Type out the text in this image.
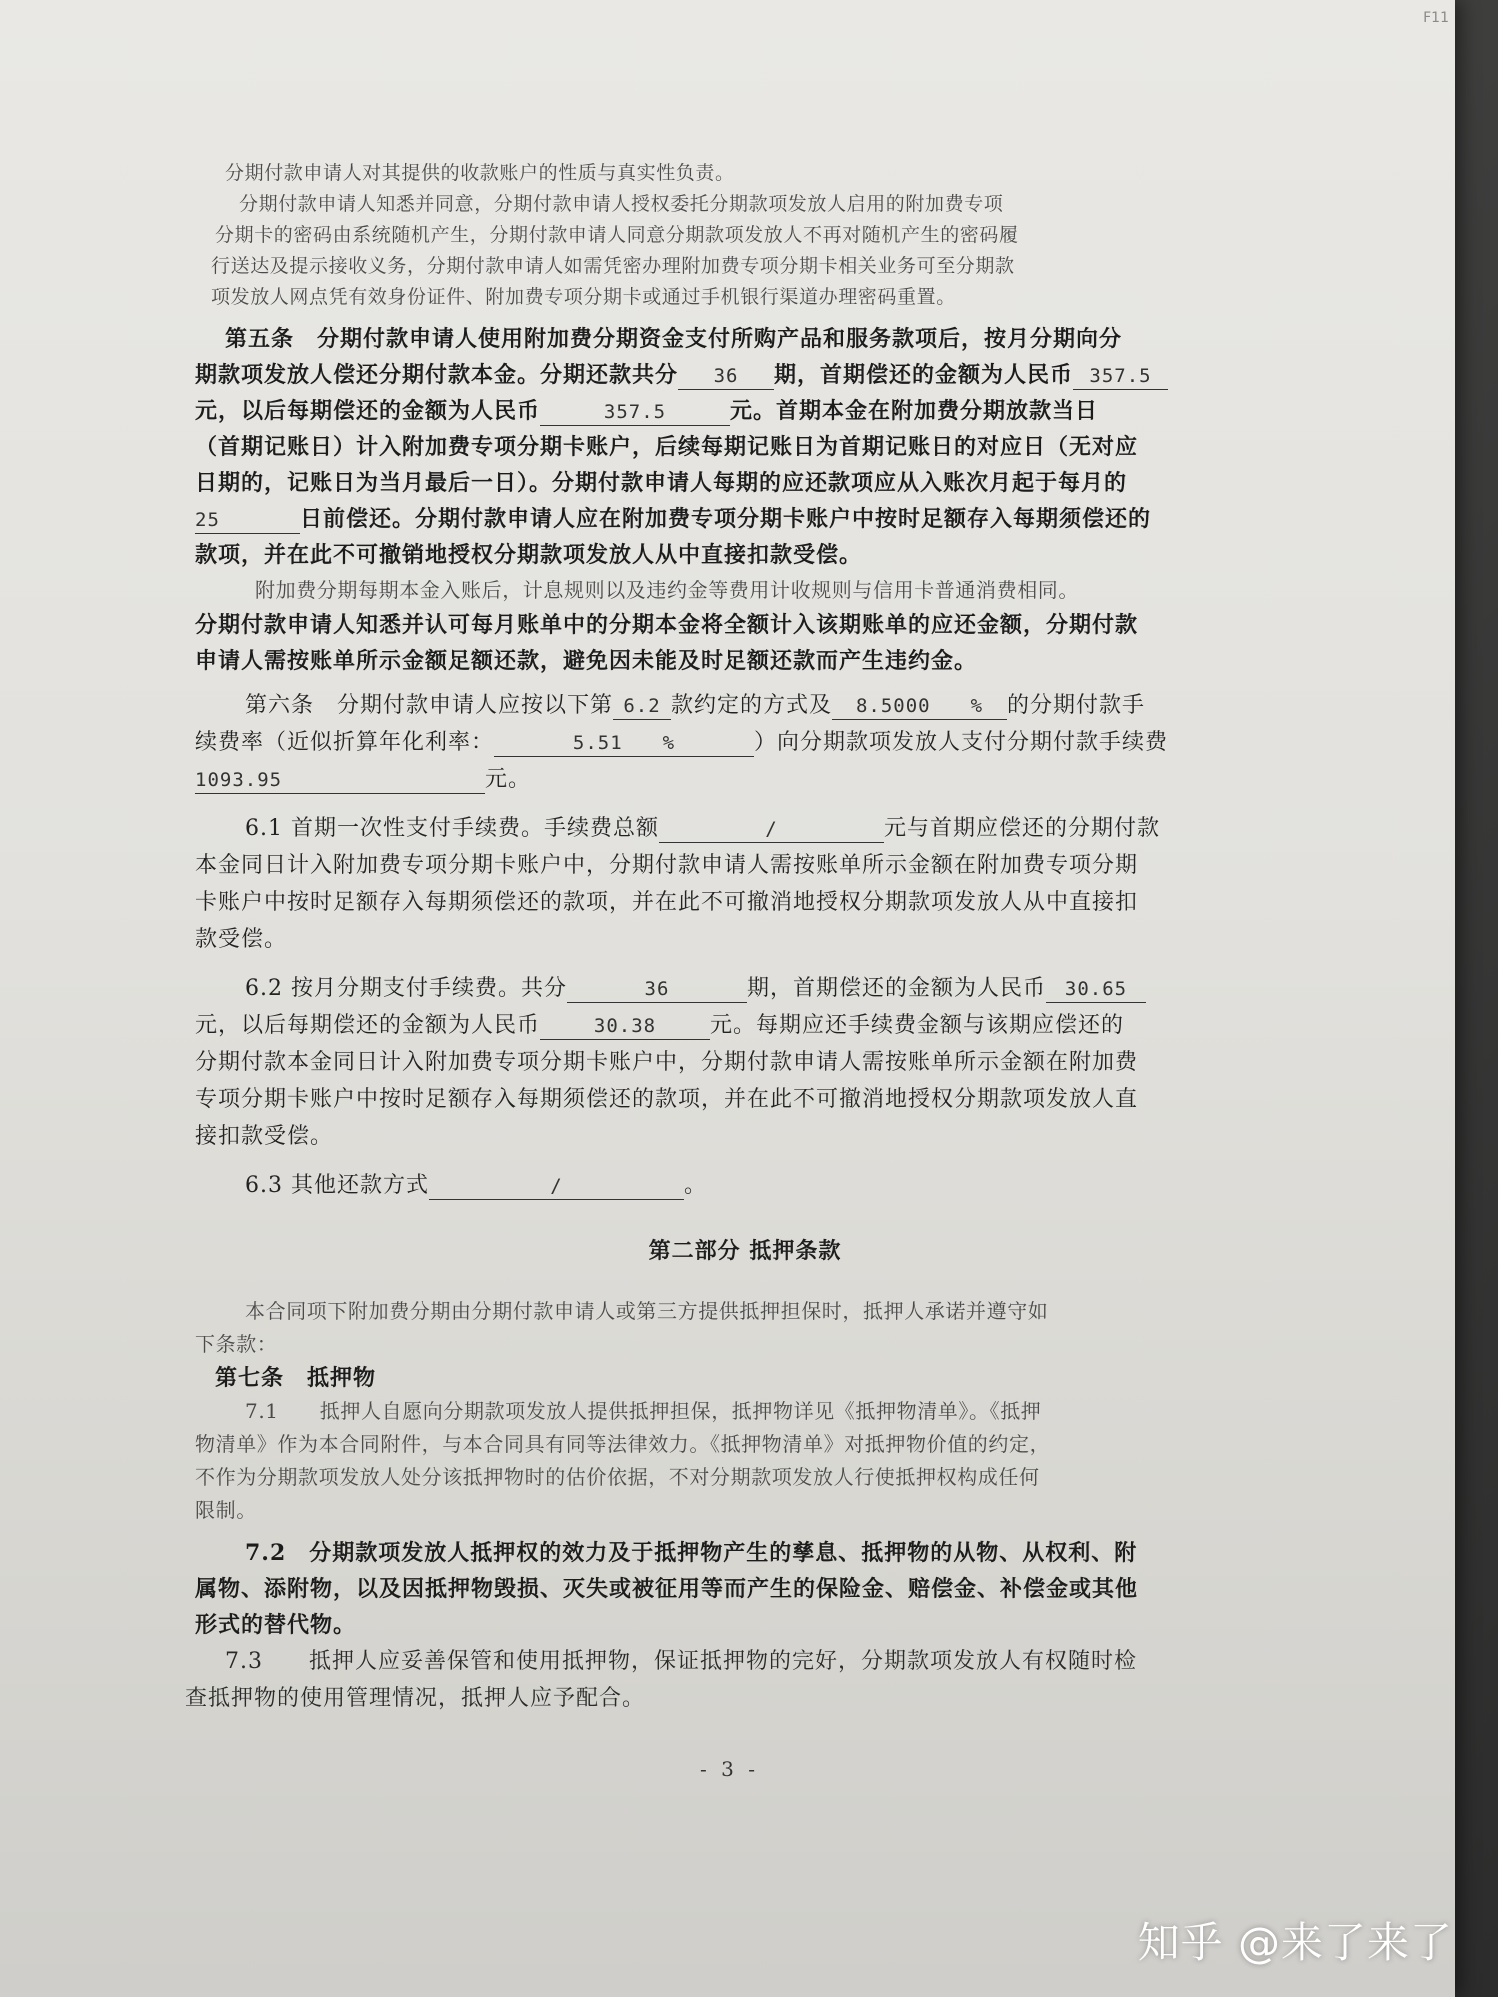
F11

分期付款申请人对其提供的收款账户的性质与真实性负责。

分期付款申请人知悉并同意，分期付款申请人授权委托分期款项发放人启用的附加费专项

分期卡的密码由系统随机产生，分期付款申请人同意分期款项发放人不再对随机产生的密码履

行送达及提示接收义务，分期付款申请人如需凭密办理附加费专项分期卡相关业务可至分期款

项发放人网点凭有效身份证件、附加费专项分期卡或通过手机银行渠道办理密码重置。

第五条　分期付款申请人使用附加费分期资金支付所购产品和服务款项后，按月分期向分

期款项发放人偿还分期付款本金。分期还款共分 36 期，首期偿还的金额为人民币 357.5

元，以后每期偿还的金额为人民币	357.5	元。首期本金在附加费分期放款当日

（首期记账日）计入附加费专项分期卡账户，后续每期记账日为首期记账日的对应日（无对应

日期的，记账日为当月最后一日）。分期付款申请人每期的应还款项应从入账次月起于每月的

25	日前偿还。分期付款申请人应在附加费专项分期卡账户中按时足额存入每期须偿还的

款项，并在此不可撤销地授权分期款项发放人从中直接扣款受偿。

附加费分期每期本金入账后，计息规则以及违约金等费用计收规则与信用卡普通消费相同。

分期付款申请人知悉并认可每月账单中的分期本金将全额计入该期账单的应还金额，分期付款

申请人需按账单所示金额足额还款，避免因未能及时足额还款而产生违约金。

第六条　分期付款申请人应按以下第 6.2 款约定的方式及 8.5000　　% 的分期付款手

续费率（近似折算年化利率：	5.51　　%	）向分期款项发放人支付分期付款手续费

1093.95	元。

6.1 首期一次性支付手续费。手续费总额	/	元与首期应偿还的分期付款

本金同日计入附加费专项分期卡账户中，分期付款申请人需按账单所示金额在附加费专项分期

卡账户中按时足额存入每期须偿还的款项，并在此不可撤消地授权分期款项发放人从中直接扣

款受偿。

6.2 按月分期支付手续费。共分	36	期，首期偿还的金额为人民币 30.65

元，以后每期偿还的金额为人民币	30.38 元。每期应还手续费金额与该期应偿还的

分期付款本金同日计入附加费专项分期卡账户中，分期付款申请人需按账单所示金额在附加费

专项分期卡账户中按时足额存入每期须偿还的款项，并在此不可撤消地授权分期款项发放人直

接扣款受偿。

6.3 其他还款方式	/	。

第二部分 抵押条款

本合同项下附加费分期由分期付款申请人或第三方提供抵押担保时，抵押人承诺并遵守如

下条款：

第七条　抵押物

7.1　　抵押人自愿向分期款项发放人提供抵押担保，抵押物详见《抵押物清单》。《抵押

物清单》作为本合同附件，与本合同具有同等法律效力。《抵押物清单》对抵押物价值的约定，

不作为分期款项发放人处分该抵押物时的估价依据，不对分期款项发放人行使抵押权构成任何

限制。

7.2　分期款项发放人抵押权的效力及于抵押物产生的孳息、抵押物的从物、从权利、附

属物、添附物，以及因抵押物毁损、灭失或被征用等而产生的保险金、赔偿金、补偿金或其他

形式的替代物。

7.3　　抵押人应妥善保管和使用抵押物，保证抵押物的完好，分期款项发放人有权随时检

查抵押物的使用管理情况，抵押人应予配合。

- 3 -
知乎 @来了来了
